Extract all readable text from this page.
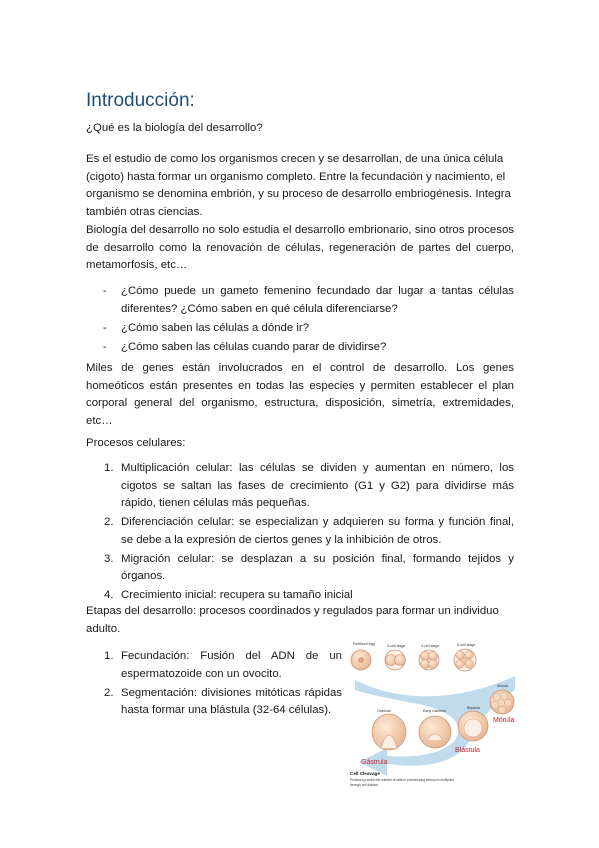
Introducción:

¿Qué es la biología del desarrollo?

Es el estudio de como los organismos crecen y se desarrollan, de una única célula (cigoto) hasta formar un organismo completo. Entre la fecundación y nacimiento, el organismo se denomina embrión, y su proceso de desarrollo embriogénesis. Integra también otras ciencias.

Biología del desarrollo no solo estudia el desarrollo embrionario, sino otros procesos de desarrollo como la renovación de células, regeneración de partes del cuerpo, metamorfosis, etc…

- ¿Cómo puede un gameto femenino fecundado dar lugar a tantas células diferentes? ¿Cómo saben en qué célula diferenciarse?
- ¿Cómo saben las células a dónde ir?
- ¿Cómo saben las células cuando parar de dividirse?

Miles de genes están involucrados en el control de desarrollo. Los genes homeóticos están presentes en todas las especies y permiten establecer el plan corporal general del organismo, estructura, disposición, simetría, extremidades, etc…

Procesos celulares:

1. Multiplicación celular: las células se dividen y aumentan en número, los cigotos se saltan las fases de crecimiento (G1 y G2) para dividirse más rápido, tienen células más pequeñas.
2. Diferenciación celular: se especializan y adquieren su forma y función final, se debe a la expresión de ciertos genes y la inhibición de otros.
3. Migración celular: se desplazan a su posición final, formando tejidos y órganos.
4. Crecimiento inicial: recupera su tamaño inicial

Etapas del desarrollo: procesos coordinados y regulados para formar un individuo adulto.

1. Fecundación: Fusión del ADN de un espermatozoide con un ovocito.
2. Segmentación: divisiones mitóticas rápidas hasta formar una blástula (32-64 células).
Fertilized egg	2-cell stage	4-cell stage	8-cell stage
Morula
Gastrula	Early Gastrula
Blastula
Mórula
Blástula
Gástrula
Cell Cleavage
Process by which the number of cells in a developing embryo is multiplied
through cell division.
